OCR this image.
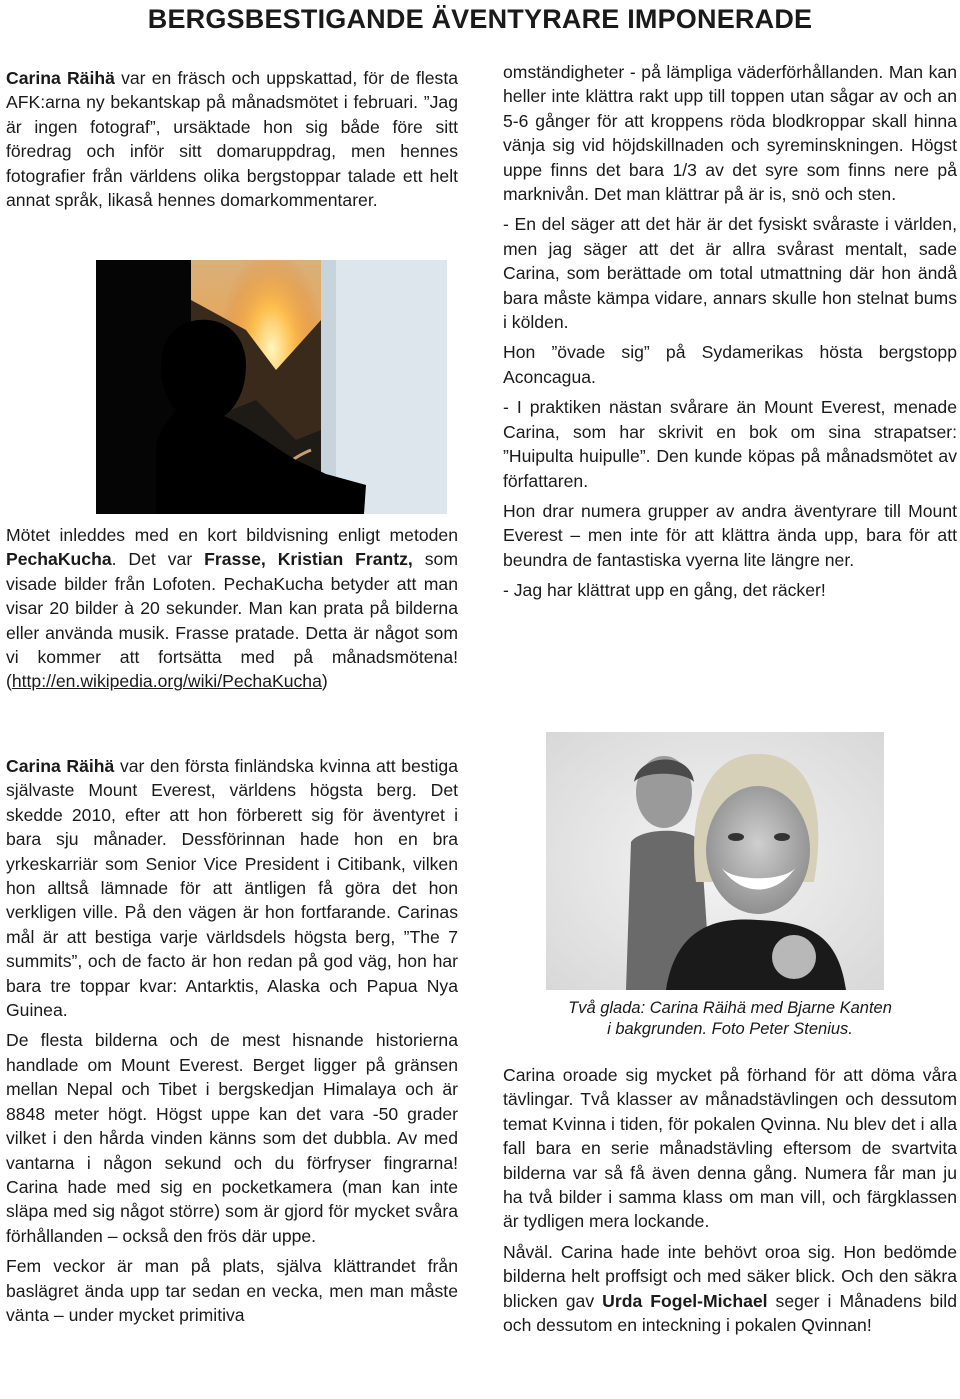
BERGSBESTIGANDE ÄVENTYRARE IMPONERADE

Carina Räihä var en fräsch och uppskattad, för de flesta AFK:arna ny bekantskap på månadsmötet i februari. ”Jag är ingen fotograf”, ursäktade hon sig både före sitt föredrag och inför sitt domaruppdrag, men hennes fotografier från världens olika bergstoppar talade ett helt annat språk, likaså hennes domarkommentarer.

Mötet inleddes med en kort bildvisning enligt metoden PechaKucha. Det var Frasse, Kristian Frantz, som visade bilder från Lofoten. PechaKucha betyder att man visar 20 bilder à 20 sekunder. Man kan prata på bilderna eller använda musik. Frasse pratade. Detta är något som vi kommer att fortsätta med på månadsmötena!(http://en.wikipedia.org/wiki/PechaKucha)

Carina Räihä var den första finländska kvinna att bestiga självaste Mount Everest, världens högsta berg. Det skedde 2010, efter att hon förberett sig för äventyret i bara sju månader. Dessförinnan hade hon en bra yrkeskarriär som Senior Vice President i Citibank, vilken hon alltså lämnade för att äntligen få göra det hon verkligen ville. På den vägen är hon fortfarande. Carinas mål är att bestiga varje världsdels högsta berg, ”The 7 summits”, och de facto är hon redan på god väg, hon har bara tre toppar kvar: Antarktis, Alaska och Papua Nya Guinea.

De flesta bilderna och de mest hisnande historierna handlade om Mount Everest. Berget ligger på gränsen mellan Nepal och Tibet i bergskedjan Himalaya och är 8848 meter högt. Högst uppe kan det vara -50 grader vilket i den hårda vinden känns som det dubbla. Av med vantarna i någon sekund och du förfryser fingrarna! Carina hade med sig en pocketkamera (man kan inte släpa med sig något större) som är gjord för mycket svåra förhållanden – också den frös där uppe.

Fem veckor är man på plats, själva klättrandet från baslägret ända upp tar sedan en vecka, men man måste vänta – under mycket primitiva

omständigheter - på lämpliga väderförhållanden. Man kan heller inte klättra rakt upp till toppen utan sågar av och an 5-6 gånger för att kroppens röda blodkroppar skall hinna vänja sig vid höjdskillnaden och syreminskningen. Högst uppe finns det bara 1/3 av det syre som finns nere på marknivån. Det man klättrar på är is, snö och sten.

- En del säger att det här är det fysiskt svåraste i världen, men jag säger att det är allra svårast mentalt, sade Carina, som berättade om total utmattning där hon ändå bara måste kämpa vidare, annars skulle hon stelnat bums i kölden.

Hon ”övade sig” på Sydamerikas hösta bergstopp Aconcagua.

- I praktiken nästan svårare än Mount Everest, menade Carina, som har skrivit en bok om sina strapatser: ”Huipulta huipulle”. Den kunde köpas på månadsmötet av författaren.

Hon drar numera grupper av andra äventyrare till Mount Everest – men inte för att klättra ända upp, bara för att beundra de fantastiska vyerna lite längre ner.

- Jag har klättrat upp en gång, det räcker!

Två glada: Carina Räihä med Bjarne Kanten
i bakgrunden. Foto Peter Stenius.

Carina oroade sig mycket på förhand för att döma våra tävlingar. Två klasser av månadstävlingen och dessutom temat Kvinna i tiden, för pokalen Qvinna. Nu blev det i alla fall bara en serie månadstävling eftersom de svartvita bilderna var så få även denna gång. Numera får man ju ha två bilder i samma klass om man vill, och färgklassen är tydligen mera lockande.

Nåväl. Carina hade inte behövt oroa sig. Hon bedömde bilderna helt proffsigt och med säker blick. Och den säkra blicken gav Urda Fogel-Michael seger i Månadens bild och dessutom en inteckning i pokalen Qvinnan!
